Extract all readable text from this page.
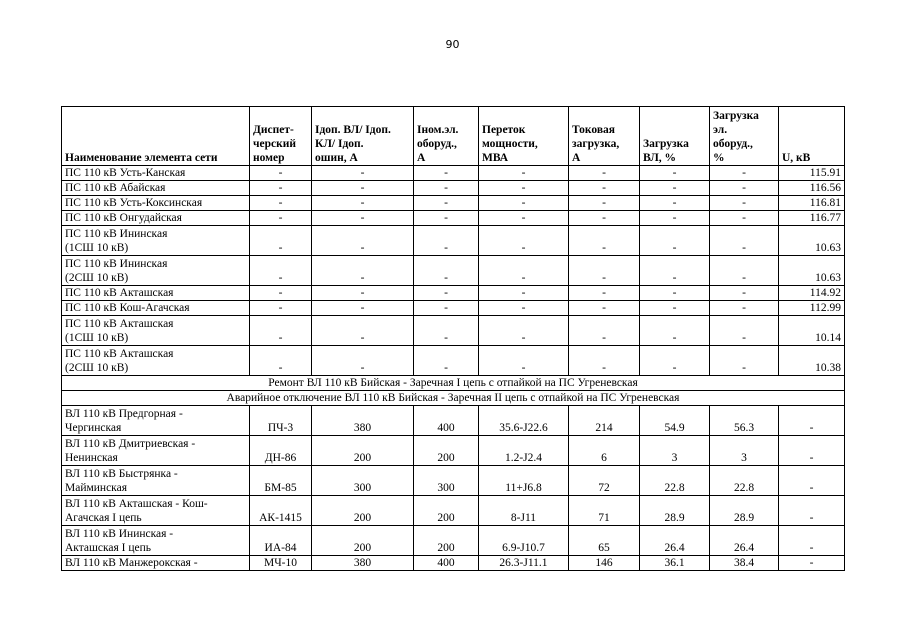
90
Наименование элемента сети	Диспет-
черский
номер	Iдоп. ВЛ/ Iдоп.
КЛ/ Iдоп.
ошин, А	Iном.эл.
оборуд.,
А	Переток
мощности,
МВА	Токовая
загрузка,
А	Загрузка
ВЛ, %	Загрузка
эл.
оборуд.,
%	U, кВ
ПС 110 кВ Усть-Канская	-	-	-	-	-	-	-	115.91
ПС 110 кВ Абайская	-	-	-	-	-	-	-	116.56
ПС 110 кВ Усть-Коксинская	-	-	-	-	-	-	-	116.81
ПС 110 кВ Онгудайская	-	-	-	-	-	-	-	116.77
ПС 110 кВ Ининская
(1СШ 10 кВ)	-	-	-	-	-	-	-	10.63
ПС 110 кВ Ининская
(2СШ 10 кВ)	-	-	-	-	-	-	-	10.63
ПС 110 кВ Акташская	-	-	-	-	-	-	-	114.92
ПС 110 кВ Кош-Агачская	-	-	-	-	-	-	-	112.99
ПС 110 кВ Акташская
(1СШ 10 кВ)	-	-	-	-	-	-	-	10.14
ПС 110 кВ Акташская
(2СШ 10 кВ)	-	-	-	-	-	-	-	10.38
Ремонт ВЛ 110 кВ Бийская - Заречная I цепь с отпайкой на ПС Угреневская								
Аварийное отключение ВЛ 110 кВ Бийская - Заречная II цепь с отпайкой на ПС Угреневская								
ВЛ 110 кВ Предгорная -
Чергинская	ПЧ-3	380	400	35.6-J22.6	214	54.9	56.3	-
ВЛ 110 кВ Дмитриевская -
Ненинская	ДН-86	200	200	1.2-J2.4	6	3	3	-
ВЛ 110 кВ Быстрянка -
Майминская	БМ-85	300	300	11+J6.8	72	22.8	22.8	-
ВЛ 110 кВ Акташская - Кош-
Агачская I цепь	АК-1415	200	200	8-J11	71	28.9	28.9	-
ВЛ 110 кВ Ининская -
Акташская I цепь	ИА-84	200	200	6.9-J10.7	65	26.4	26.4	-
ВЛ 110 кВ Манжерокская -	МЧ-10	380	400	26.3-J11.1	146	36.1	38.4	-
